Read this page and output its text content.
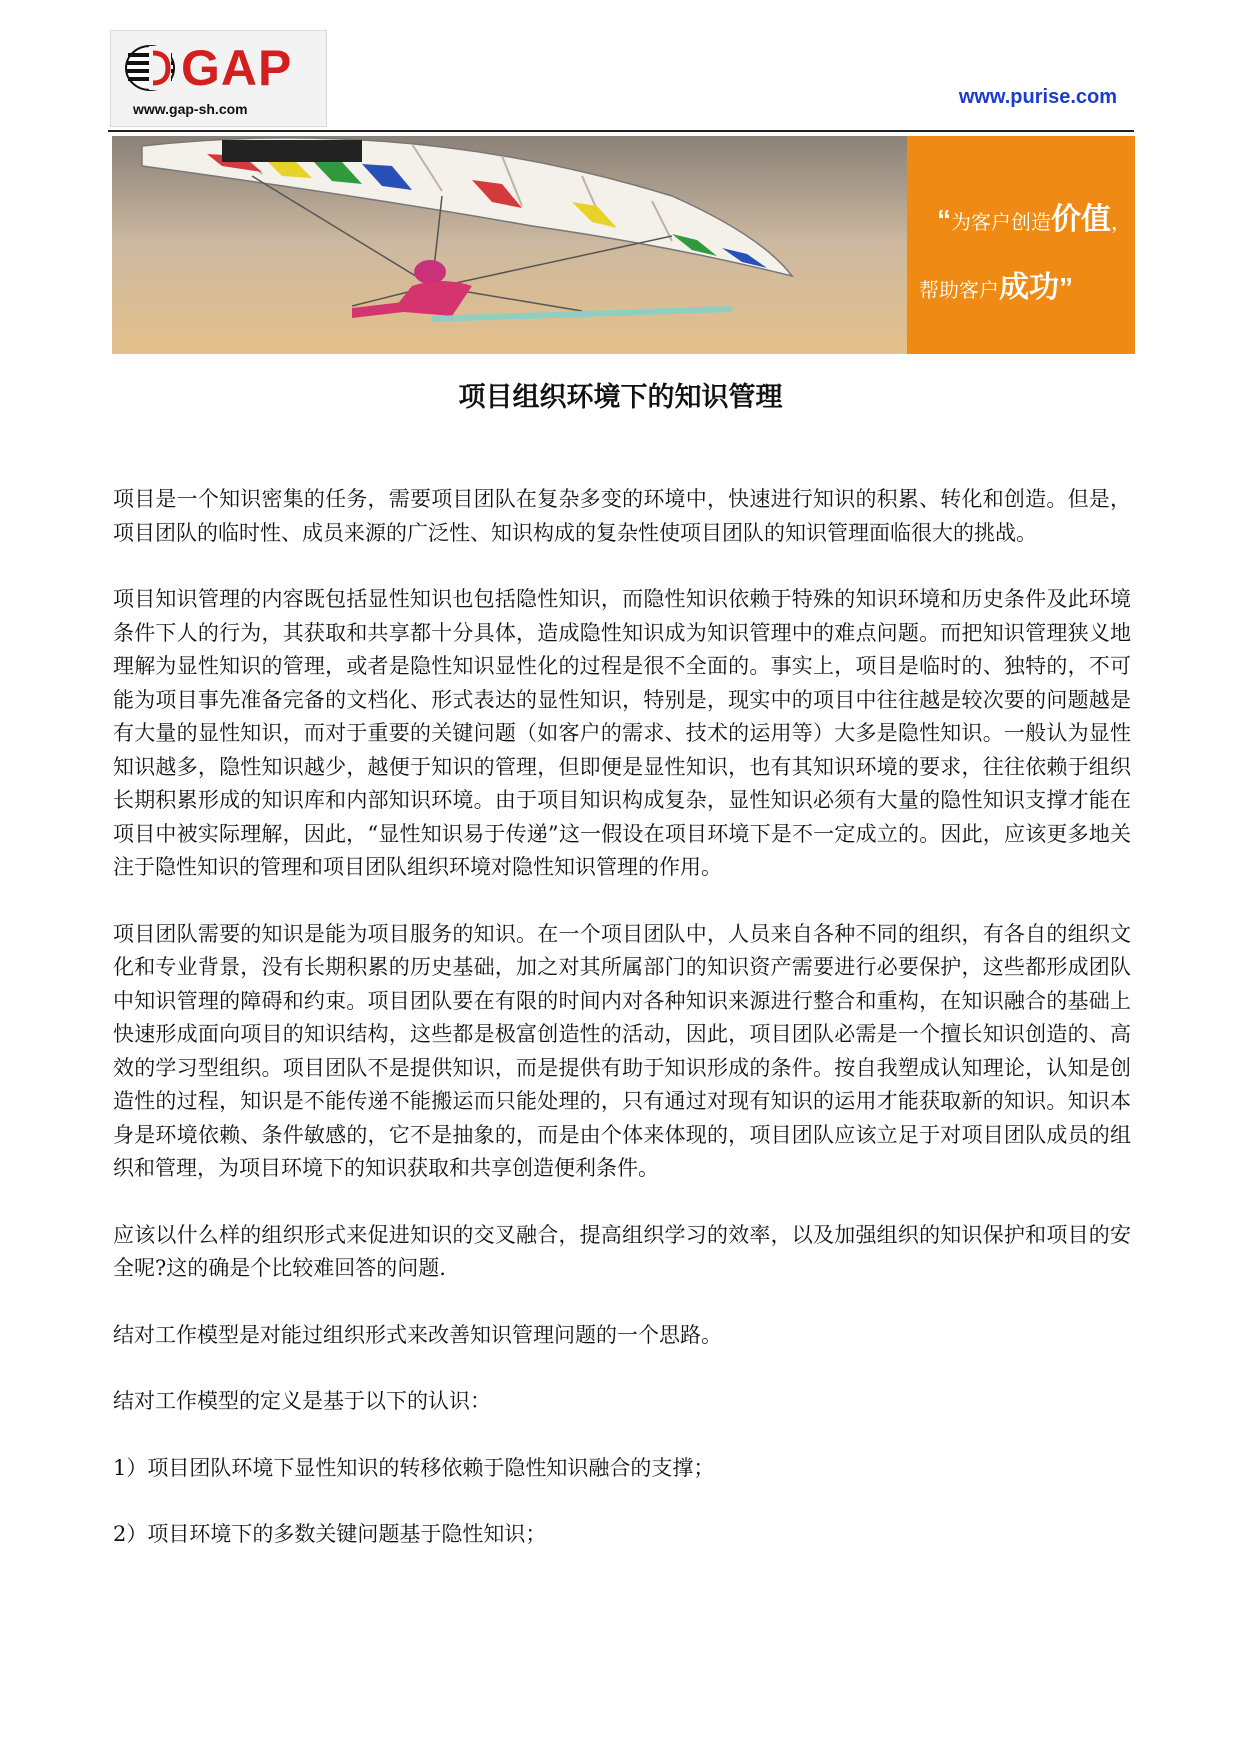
GAP
www.gap-sh.com
www.purise.com
“为客户创造价值，
帮助客户成功”
项目组织环境下的知识管理

项目是一个知识密集的任务，需要项目团队在复杂多变的环境中，快速进行知识的积累、转化和创造。但是，项目团队的临时性、成员来源的广泛性、知识构成的复杂性使项目团队的知识管理面临很大的挑战。

项目知识管理的内容既包括显性知识也包括隐性知识，而隐性知识依赖于特殊的知识环境和历史条件及此环境条件下人的行为，其获取和共享都十分具体，造成隐性知识成为知识管理中的难点问题。而把知识管理狭义地理解为显性知识的管理，或者是隐性知识显性化的过程是很不全面的。事实上，项目是临时的、独特的，不可能为项目事先准备完备的文档化、形式表达的显性知识，特别是，现实中的项目中往往越是较次要的问题越是有大量的显性知识，而对于重要的关键问题（如客户的需求、技术的运用等）大多是隐性知识。一般认为显性知识越多，隐性知识越少，越便于知识的管理，但即便是显性知识，也有其知识环境的要求，往往依赖于组织长期积累形成的知识库和内部知识环境。由于项目知识构成复杂，显性知识必须有大量的隐性知识支撑才能在项目中被实际理解，因此，“显性知识易于传递”这一假设在项目环境下是不一定成立的。因此，应该更多地关注于隐性知识的管理和项目团队组织环境对隐性知识管理的作用。

项目团队需要的知识是能为项目服务的知识。在一个项目团队中，人员来自各种不同的组织，有各自的组织文化和专业背景，没有长期积累的历史基础，加之对其所属部门的知识资产需要进行必要保护，这些都形成团队中知识管理的障碍和约束。项目团队要在有限的时间内对各种知识来源进行整合和重构，在知识融合的基础上快速形成面向项目的知识结构，这些都是极富创造性的活动，因此，项目团队必需是一个擅长知识创造的、高效的学习型组织。项目团队不是提供知识，而是提供有助于知识形成的条件。按自我塑成认知理论，认知是创造性的过程，知识是不能传递不能搬运而只能处理的，只有通过对现有知识的运用才能获取新的知识。知识本身是环境依赖、条件敏感的，它不是抽象的，而是由个体来体现的，项目团队应该立足于对项目团队成员的组织和管理，为项目环境下的知识获取和共享创造便利条件。

应该以什么样的组织形式来促进知识的交叉融合，提高组织学习的效率，以及加强组织的知识保护和项目的安全呢?这的确是个比较难回答的问题.

结对工作模型是对能过组织形式来改善知识管理问题的一个思路。

结对工作模型的定义是基于以下的认识：

1）项目团队环境下显性知识的转移依赖于隐性知识融合的支撑；

2）项目环境下的多数关键问题基于隐性知识；
